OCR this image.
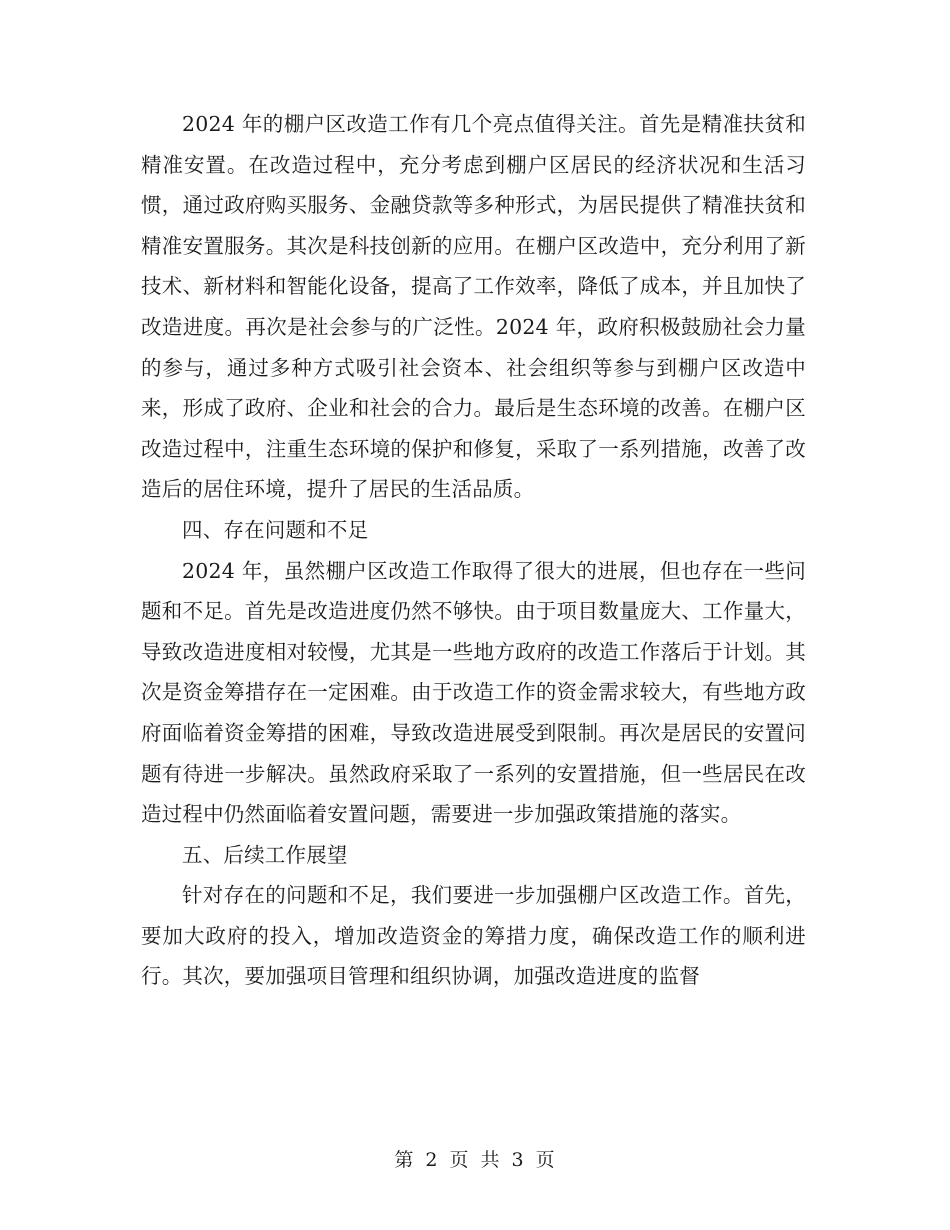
2024 年的棚户区改造工作有几个亮点值得关注。首先是精准扶贫和精准安置。在改造过程中，充分考虑到棚户区居民的经济状况和生活习惯，通过政府购买服务、金融贷款等多种形式，为居民提供了精准扶贫和精准安置服务。其次是科技创新的应用。在棚户区改造中，充分利用了新技术、新材料和智能化设备，提高了工作效率，降低了成本，并且加快了改造进度。再次是社会参与的广泛性。2024 年，政府积极鼓励社会力量的参与，通过多种方式吸引社会资本、社会组织等参与到棚户区改造中来，形成了政府、企业和社会的合力。最后是生态环境的改善。在棚户区改造过程中，注重生态环境的保护和修复，采取了一系列措施，改善了改造后的居住环境，提升了居民的生活品质。

四、存在问题和不足

2024 年，虽然棚户区改造工作取得了很大的进展，但也存在一些问题和不足。首先是改造进度仍然不够快。由于项目数量庞大、工作量大，导致改造进度相对较慢，尤其是一些地方政府的改造工作落后于计划。其次是资金筹措存在一定困难。由于改造工作的资金需求较大，有些地方政府面临着资金筹措的困难，导致改造进展受到限制。再次是居民的安置问题有待进一步解决。虽然政府采取了一系列的安置措施，但一些居民在改造过程中仍然面临着安置问题，需要进一步加强政策措施的落实。

五、后续工作展望

针对存在的问题和不足，我们要进一步加强棚户区改造工作。首先，要加大政府的投入，增加改造资金的筹措力度，确保改造工作的顺利进行。其次，要加强项目管理和组织协调，加强改造进度的监督

第 2 页 共 3 页
